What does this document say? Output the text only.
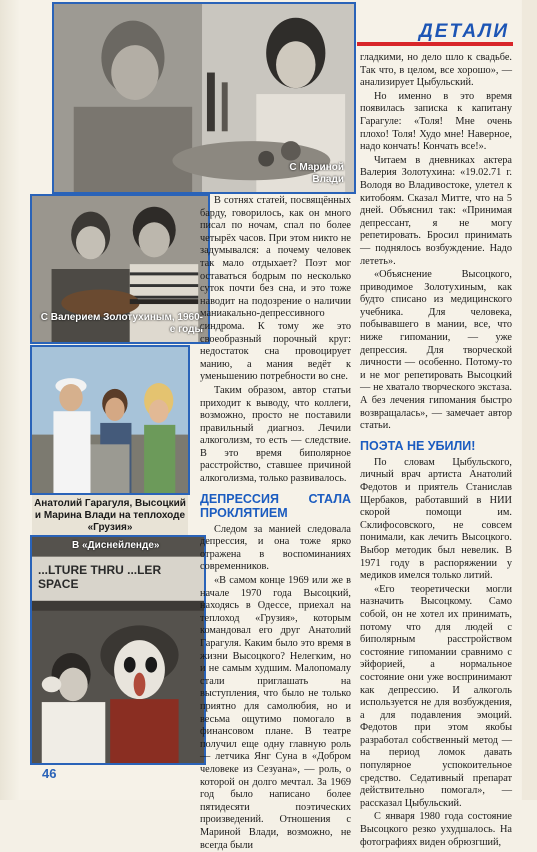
ДЕТАЛИ
С Мариной Влади
С Валерием Золотухиным, 1960-е годы
Анатолий Гарагуля, Высоцкий и Марина Влади на теплоходе «Грузия»
В «Диснейленде»
...LTURE THRU ...LER SPACE

В сотнях статей, посвящённых барду, говорилось, как он много писал по ночам, спал по более четырёх часов. При этом никто не задумывался: а почему человек так мало отдыхает? Поэт мог оставаться бодрым по несколько суток почти без сна, и это тоже наводит на подозрение о наличии маниакально-депрессивного синдрома. К тому же это своеобразный порочный круг: недостаток сна провоцирует манию, а мания ведёт к уменьшению потребности во сне.

Таким образом, автор статьи приходит к выводу, что коллеги, возможно, просто не поставили правильный диагноз. Лечили алкоголизм, то есть — следствие. В это время биполярное расстройство, ставшее причиной алкоголизма, только развивалось.

ДЕПРЕССИЯ СТАЛА ПРОКЛЯТИЕМ

Следом за манией следовала депрессия, и она тоже ярко отражена в воспоминаниях современников.

«В самом конце 1969 или же в начале 1970 года Высоцкий, находясь в Одессе, приехал на теплоход «Грузия», которым командовал его друг Анатолий Гарагуля. Каким было это время в жизни Высоцкого? Нелегким, но и не самым худшим. Малопомалу стали приглашать на выступления, что было не только приятно для самолюбия, но и весьма ощутимо помогало в финансовом плане. В театре получил еще одну главную роль — летчика Янг Суна в «Добром человеке из Сезуана», — роль, о которой он долго мечтал. За 1969 год было написано более пятидесяти поэтических произведений. Отношения с Мариной Влади, возможно, не всегда были

гладкими, но дело шло к свадьбе. Так что, в целом, все хорошо», — анализирует Цыбульский.

Но именно в это время появилась записка к капитану Гарагуле: «Толя! Мне очень плохо! Толя! Худо мне! Наверное, надо кончать! Кончать все!».

Читаем в дневниках актера Валерия Золотухина: «19.02.71 г. Володя во Владивостоке, улетел к китобоям. Сказал Митте, что на 5 дней. Объяснил так: «Принимая депрессант, я не могу репетировать. Бросил принимать — поднялось возбуждение. Надо лететь».

«Объяснение Высоцкого, приводимое Золотухиным, как будто списано из медицинского учебника. Для человека, побывавшего в мании, все, что ниже гипомании, — уже депрессия. Для творческой личности — особенно. Потому-то и не мог репетировать Высоцкий — не хватало творческого экстаза. А без лечения гипомания быстро возвращалась», — замечает автор статьи.

ПОЭТА НЕ УБИЛИ!

По словам Цыбульского, личный врач артиста Анатолий Федотов и приятель Станислав Щербаков, работавший в НИИ скорой помощи им. Склифосовского, не совсем понимали, как лечить Высоцкого. Выбор методик был невелик. В 1971 году в распоряжении у медиков имелся только литий.

«Его теоретически могли назначить Высоцкому. Само собой, он не хотел их принимать, потому что для людей с биполярным расстройством состояние гипомании сравнимо с эйфорией, а нормальное состояние они уже воспринимают как депрессию. И алкоголь используется не для возбуждения, а для подавления эмоций. Федотов при этом якобы разработал собственный метод — на период ломок давать популярное успокоительное средство. Седативный препарат действительно помогал», — рассказал Цыбульский.

С января 1980 года состояние Высоцкого резко ухудшалось. На фотографиях виден обрюзгший,

46
